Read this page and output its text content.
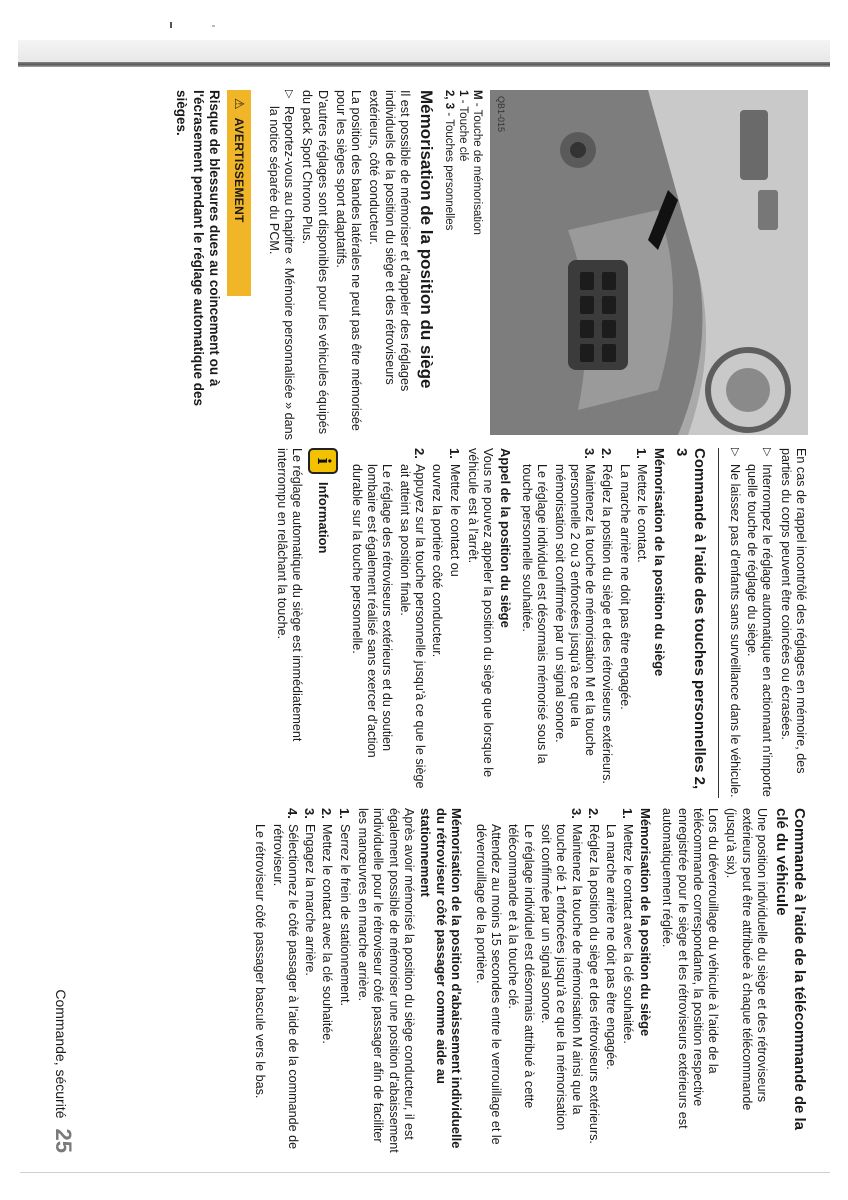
QB1-015

M - Touche de mémorisation

1 - Touche clé

2, 3 - Touches personnelles

Mémorisation de la position du siège

Il est possible de mémoriser et d'appeler des réglages individuels de la position du siège et des rétroviseurs extérieurs, côté conducteur.

La position des bandes latérales ne peut pas être mémorisée pour les sièges sport adaptatifs.

D'autres réglages sont disponibles pour les véhicules équipés du pack Sport Chrono Plus.

▷
Reportez-vous au chapitre « Mémoire personnalisée » dans la notice séparée du PCM.
⚠
AVERTISSEMENT
Risque de blessures dues au coincement ou à l'écrasement pendant le réglage automatique des sièges.

En cas de rappel incontrôlé des réglages en mémoire, des parties du corps peuvent être coincées ou écrasées.

▷
Interrompez le réglage automatique en actionnant n'importe quelle touche de réglage du siège.
▷
Ne laissez pas d'enfants sans surveillance dans le véhicule.
Commande à l'aide des touches personnelles 2, 3
Mémorisation de la position du siège
1.
Mettez le contact.
La marche arrière ne doit pas être engagée.
2.
Réglez la position du siège et des rétroviseurs extérieurs.
3.
Maintenez la touche de mémorisation M et la touche personnelle 2 ou 3 enfoncées jusqu'à ce que la mémorisation soit confirmée par un signal sonore.
Le réglage individuel est désormais mémorisé sous la touche personnelle souhaitée.
Appel de la position du siège

Vous ne pouvez appeler la position du siège que lorsque le véhicule est à l'arrêt.

1.
Mettez le contact ou
ouvrez la portière côté conducteur.
2.
Appuyez sur la touche personnelle jusqu'à ce que le siège ait atteint sa position finale.
Le réglage des rétroviseurs extérieurs et du soutien lombaire est également réalisé sans exercer d'action durable sur la touche personnelle.
i
Information

Le réglage automatique du siège est immédiatement interrompu en relâchant la touche.

Commande à l'aide de la télécommande de la clé du véhicule

Une position individuelle du siège et des rétroviseurs extérieurs peut être attribuée à chaque télécommande (jusqu'à six).

Lors du déverrouillage du véhicule à l'aide de la télécommande correspondante, la position respective enregistrée pour le siège et les rétroviseurs extérieurs est automatiquement réglée.

Mémorisation de la position du siège
1.
Mettez le contact avec la clé souhaitée.
La marche arrière ne doit pas être engagée.
2.
Réglez la position du siège et des rétroviseurs extérieurs.
3.
Maintenez la touche de mémorisation M ainsi que la touche clé 1 enfoncées jusqu'à ce que la mémorisation soit confirmée par un signal sonore.
Le réglage individuel est désormais attribué à cette télécommande et à la touche clé.
Attendez au moins 15 secondes entre le verrouillage et le déverrouillage de la portière.
Mémorisation de la position d'abaissement individuelle du rétroviseur côté passager comme aide au stationnement

Après avoir mémorisé la position du siège conducteur, il est également possible de mémoriser une position d'abaissement individuelle pour le rétroviseur côté passager afin de faciliter les manœuvres en marche arrière.

1.
Serrez le frein de stationnement.
2.
Mettez le contact avec la clé souhaitée.
3.
Engagez la marche arrière.
4.
Sélectionnez le côté passager à l'aide de la commande de rétroviseur.
Le rétroviseur côté passager bascule vers le bas.
Commande, sécurité
25
